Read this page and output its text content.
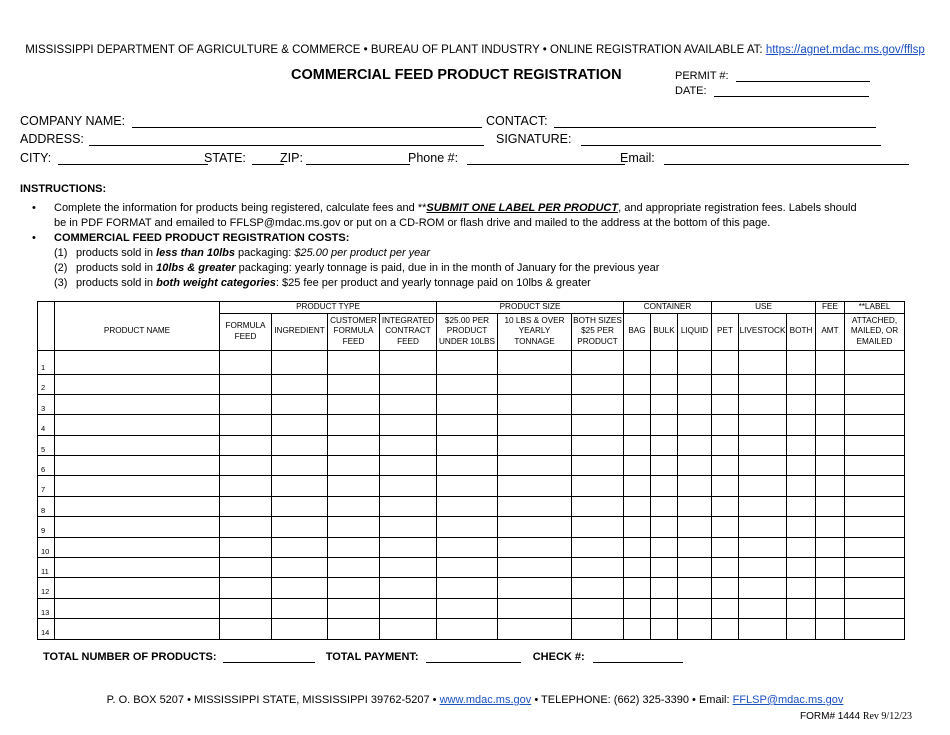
MISSISSIPPI DEPARTMENT OF AGRICULTURE & COMMERCE • BUREAU OF PLANT INDUSTRY • ONLINE REGISTRATION AVAILABLE AT: https://agnet.mdac.ms.gov/fflsp
COMMERCIAL FEED PRODUCT REGISTRATION	PERMIT #:
DATE:
COMPANY NAME:	CONTACT:
ADDRESS:	SIGNATURE:
CITY:	STATE:	ZIP:	Phone #:	Email:
INSTRUCTIONS:
•	Complete the information for products being registered, calculate fees and **SUBMIT ONE LABEL PER PRODUCT, and appropriate registration fees. Labels should be in PDF FORMAT and emailed to FFLSP@mdac.ms.gov or put on a CD-ROM or flash drive and mailed to the address at the bottom of this page.
•	COMMERCIAL FEED PRODUCT REGISTRATION COSTS:
(1) products sold in less than 10lbs packaging: $25.00 per product per year
(2) products sold in 10lbs & greater packaging: yearly tonnage is paid, due in in the month of January for the previous year
(3) products sold in both weight categories: $25 fee per product and yearly tonnage paid on 10lbs & greater
		PRODUCT TYPE				PRODUCT SIZE			CONTAINER			USE			FEE	**LABEL
	PRODUCT NAME	FORMULA FEED	INGREDIENT	CUSTOMER FORMULA FEED	INTEGRATED CONTRACT FEED	$25.00 PER PRODUCT UNDER 10LBS	10 LBS & OVER YEARLY TONNAGE	BOTH SIZES $25 PER PRODUCT	BAG	BULK	LIQUID	PET	LIVESTOCK	BOTH	AMT	ATTACHED, MAILED, OR EMAILED
1																
2																
3																
4																
5																
6																
7																
8																
9																
10																
11																
12																
13																
14																
TOTAL NUMBER OF PRODUCTS:	TOTAL PAYMENT:	CHECK #:
P. O. BOX 5207 • MISSISSIPPI STATE, MISSISSIPPI 39762-5207 • www.mdac.ms.gov • TELEPHONE: (662) 325-3390 • Email: FFLSP@mdac.ms.gov
FORM# 1444 Rev 9/12/23
